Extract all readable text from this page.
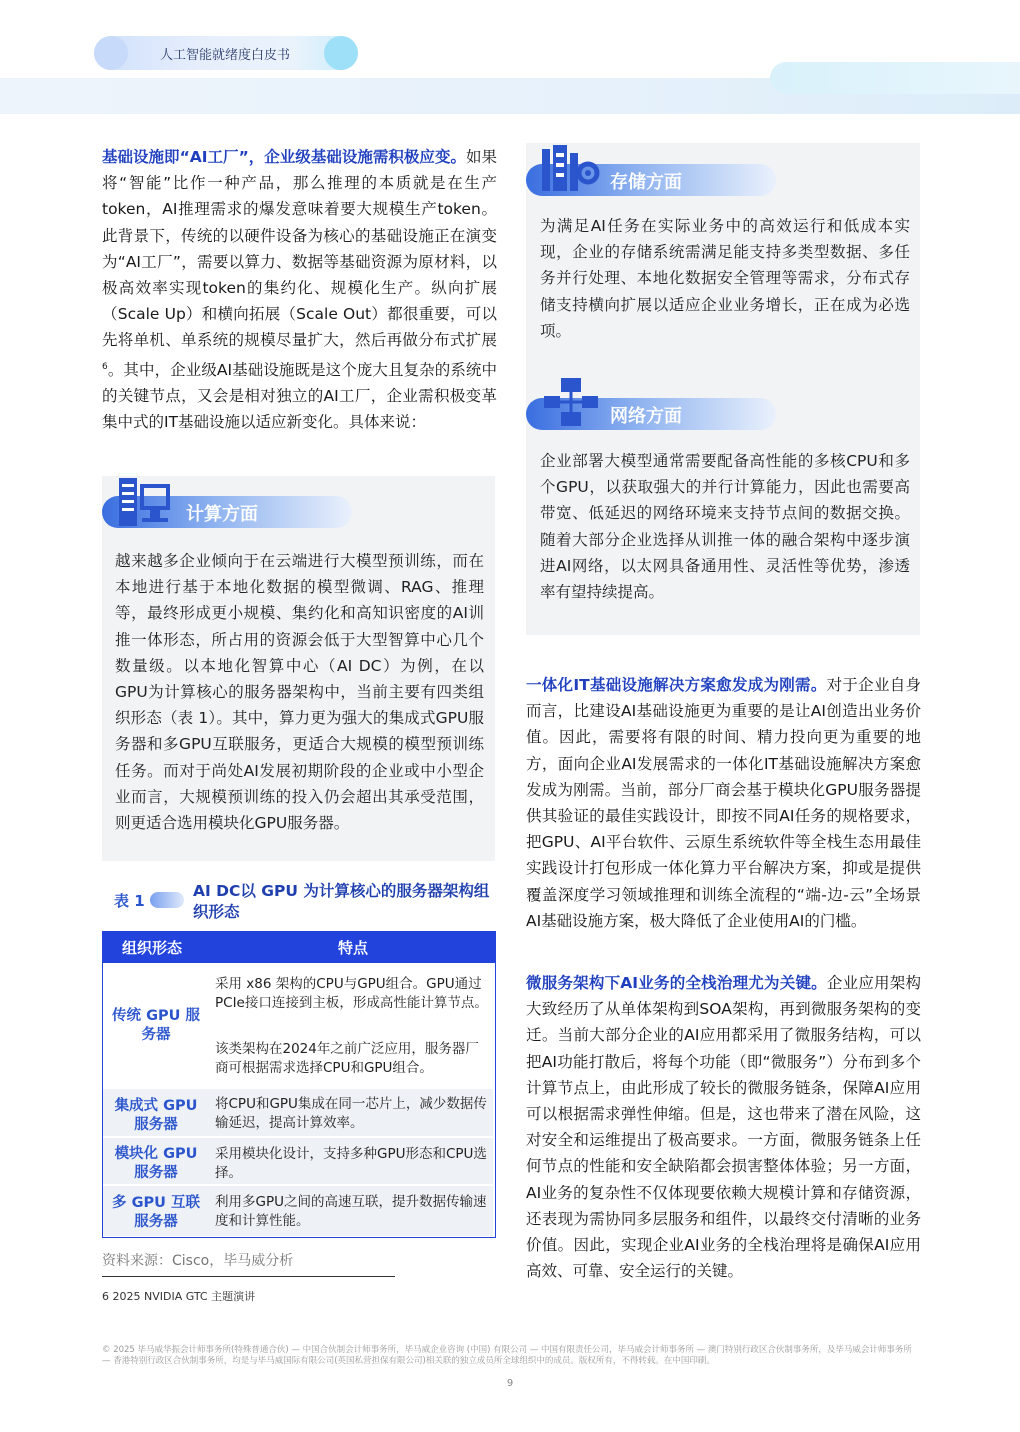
人工智能就绪度白皮书

基础设施即“AI工厂”，企业级基础设施需积极应变。如果将“智能”比作一种产品，那么推理的本质就是在生产token，AI推理需求的爆发意味着要大规模生产token。此背景下，传统的以硬件设备为核心的基础设施正在演变为“AI工厂”，需要以算力、数据等基础资源为原材料，以极高效率实现token的集约化、规模化生产。纵向扩展（Scale Up）和横向拓展（Scale Out）都很重要，可以先将单机、单系统的规模尽量扩大，然后再做分布式扩展$^6$。其中，企业级AI基础设施既是这个庞大且复杂的系统中的关键节点，又会是相对独立的AI工厂，企业需积极变革集中式的IT基础设施以适应新变化。具体来说：

越来越多企业倾向于在云端进行大模型预训练，而在本地进行基于本地化数据的模型微调、RAG、推理等，最终形成更小规模、集约化和高知识密度的AI训推一体形态，所占用的资源会低于大型智算中心几个数量级。以本地化智算中心（AI DC）为例，在以GPU为计算核心的服务器架构中，当前主要有四类组织形态（表 1）。其中，算力更为强大的集成式GPU服务器和多GPU互联服务，更适合大规模的模型预训练任务。而对于尚处AI发展初期阶段的企业或中小型企业而言，大规模预训练的投入仍会超出其承受范围，则更适合选用模块化GPU服务器。

计算方面
表 1
AI DC以 GPU 为计算核心的服务器架构组织形态
组织形态	特点
传统 GPU 服务器

采用 x86 架构的CPU与GPU组合。GPU通过PCIe接口连接到主板，形成高性能计算节点。

该类架构在2024年之前广泛应用，服务器厂商可根据需求选择CPU和GPU组合。

集成式 GPU 服务器

将CPU和GPU集成在同一芯片上，减少数据传输延迟，提高计算效率。

模块化 GPU 服务器

采用模块化设计，支持多种GPU形态和CPU选择。

多 GPU 互联服务器

利用多GPU之间的高速互联，提升数据传输速度和计算性能。

资料来源：Cisco，毕马威分析
6 2025 NVIDIA GTC 主题演讲

为满足AI任务在实际业务中的高效运行和低成本实现，企业的存储系统需满足能支持多类型数据、多任务并行处理、本地化数据安全管理等需求，分布式存储支持横向扩展以适应企业业务增长，正在成为必选项。

企业部署大模型通常需要配备高性能的多核CPU和多个GPU，以获取强大的并行计算能力，因此也需要高带宽、低延迟的网络环境来支持节点间的数据交换。随着大部分企业选择从训推一体的融合架构中逐步演进AI网络，以太网具备通用性、灵活性等优势，渗透率有望持续提高。

存储方面
网络方面

一体化IT基础设施解决方案愈发成为刚需。对于企业自身而言，比建设AI基础设施更为重要的是让AI创造出业务价值。因此，需要将有限的时间、精力投向更为重要的地方，面向企业AI发展需求的一体化IT基础设施解决方案愈发成为刚需。当前，部分厂商会基于模块化GPU服务器提供其验证的最佳实践设计，即按不同AI任务的规格要求，把GPU、AI平台软件、云原生系统软件等全栈生态用最佳实践设计打包形成一体化算力平台解决方案，抑或是提供覆盖深度学习领域推理和训练全流程的“端-边-云”全场景AI基础设施方案，极大降低了企业使用AI的门槛。

微服务架构下AI业务的全栈治理尤为关键。企业应用架构大致经历了从单体架构到SOA架构，再到微服务架构的变迁。当前大部分企业的AI应用都采用了微服务结构，可以把AI功能打散后，将每个功能（即“微服务”）分布到多个计算节点上，由此形成了较长的微服务链条，保障AI应用可以根据需求弹性伸缩。但是，这也带来了潜在风险，这对安全和运维提出了极高要求。一方面，微服务链条上任何节点的性能和安全缺陷都会损害整体体验；另一方面，AI业务的复杂性不仅体现要依赖大规模计算和存储资源，还表现为需协同多层服务和组件，以最终交付清晰的业务价值。因此，实现企业AI业务的全栈治理将是确保AI应用高效、可靠、安全运行的关键。

© 2025 毕马威华振会计师事务所(特殊普通合伙) — 中国合伙制会计师事务所，毕马威企业咨询 (中国) 有限公司 — 中国有限责任公司，毕马威会计师事务所 — 澳门特别行政区合伙制事务所，及毕马威会计师事务所 — 香港特别行政区合伙制事务所，均是与毕马威国际有限公司(英国私营担保有限公司)相关联的独立成员所全球组织中的成员。版权所有，不得转载。在中国印刷。

9
